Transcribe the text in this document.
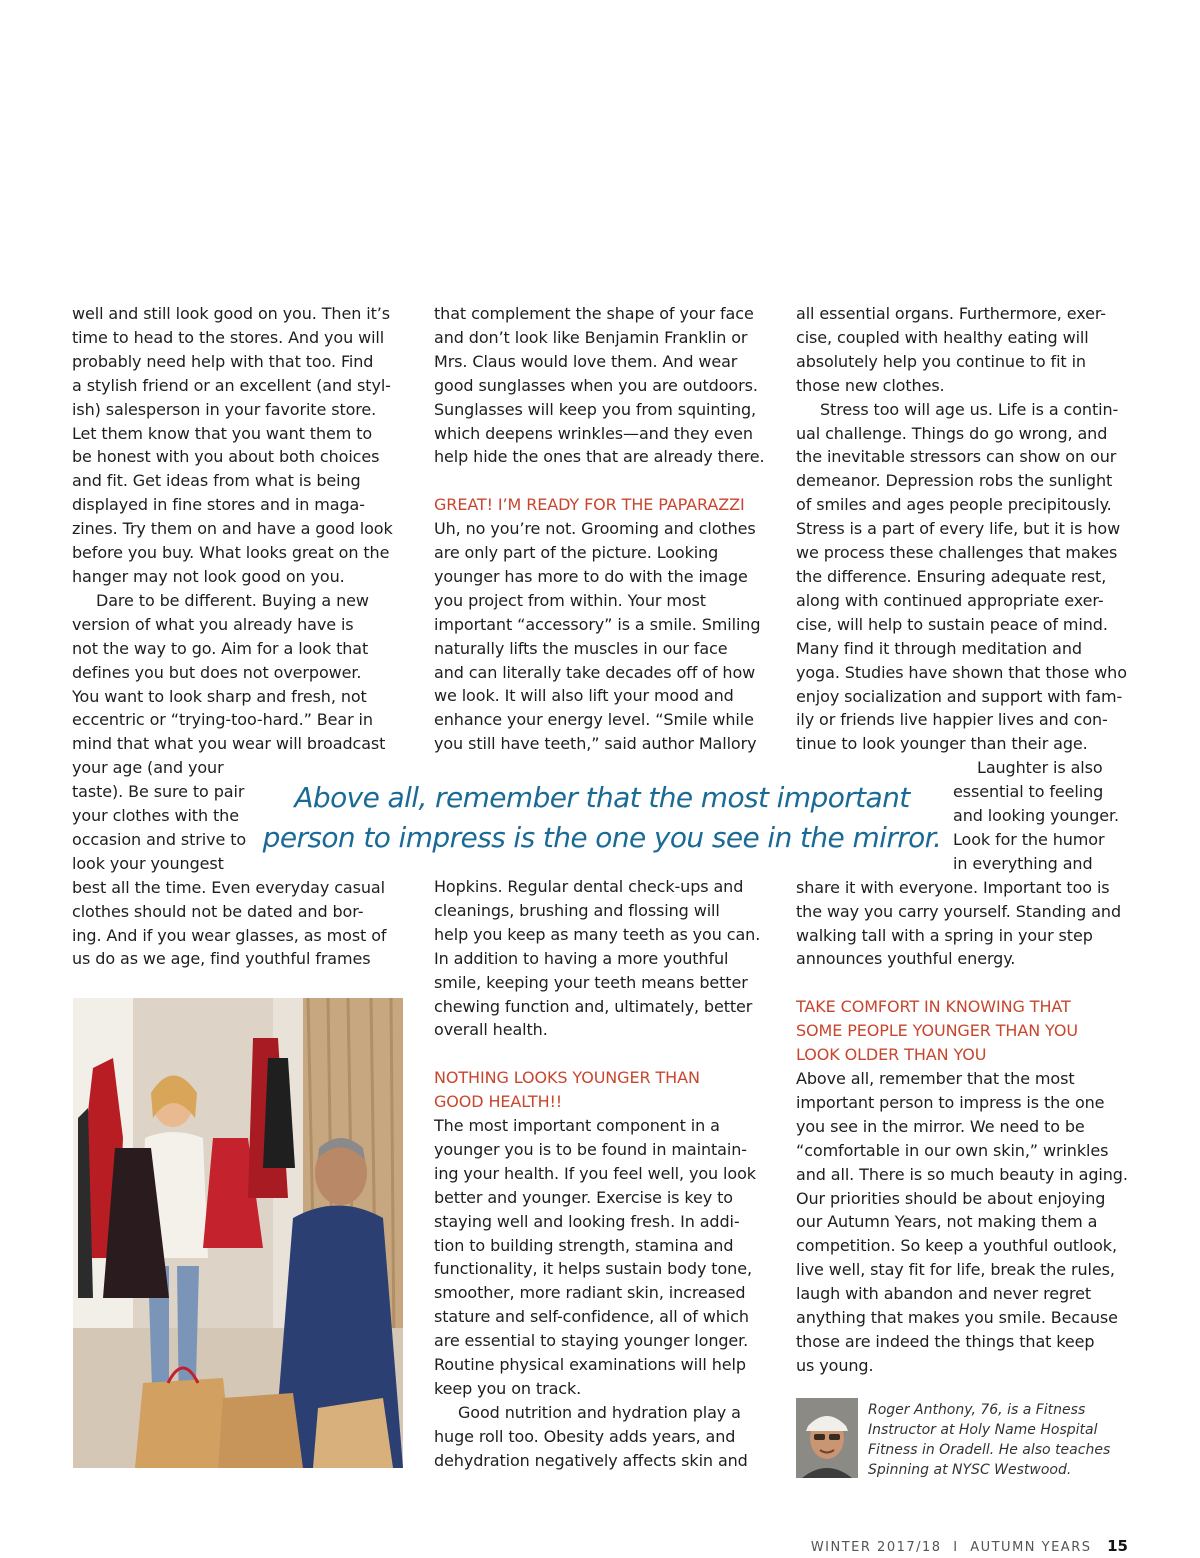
well and still look good on you. Then it’s
time to head to the stores. And you will
probably need help with that too. Find
a stylish friend or an excellent (and styl-
ish) salesperson in your favorite store.
Let them know that you want them to
be honest with you about both choices
and fit. Get ideas from what is being
displayed in fine stores and in maga-
zines. Try them on and have a good look
before you buy. What looks great on the
hanger may not look good on you.
Dare to be different. Buying a new
version of what you already have is
not the way to go. Aim for a look that
defines you but does not overpower.
You want to look sharp and fresh, not
eccentric or “trying-too-hard.” Bear in
mind that what you wear will broadcast
your age (and your
taste). Be sure to pair
your clothes with the
occasion and strive to
look your youngest
best all the time. Even everyday casual
clothes should not be dated and bor-
ing. And if you wear glasses, as most of
us do as we age, find youthful frames
that complement the shape of your face
and don’t look like Benjamin Franklin or
Mrs. Claus would love them. And wear
good sunglasses when you are outdoors.
Sunglasses will keep you from squinting,
which deepens wrinkles—and they even
help hide the ones that are already there.
GREAT! I’M READY FOR THE PAPARAZZI
Uh, no you’re not. Grooming and clothes
are only part of the picture. Looking
younger has more to do with the image
you project from within. Your most
important “accessory” is a smile. Smiling
naturally lifts the muscles in our face
and can literally take decades off of how
we look. It will also lift your mood and
enhance your energy level. “Smile while
you still have teeth,” said author Mallory
Hopkins. Regular dental check-ups and
cleanings, brushing and flossing will
help you keep as many teeth as you can.
In addition to having a more youthful
smile, keeping your teeth means better
chewing function and, ultimately, better
overall health.
NOTHING LOOKS YOUNGER THAN
GOOD HEALTH!!
The most important component in a
younger you is to be found in maintain-
ing your health. If you feel well, you look
better and younger. Exercise is key to
staying well and looking fresh. In addi-
tion to building strength, stamina and
functionality, it helps sustain body tone,
smoother, more radiant skin, increased
stature and self-confidence, all of which
are essential to staying younger longer.
Routine physical examinations will help
keep you on track.
Good nutrition and hydration play a
huge roll too. Obesity adds years, and
dehydration negatively affects skin and
Above all, remember that the most important
person to impress is the one you see in the mirror.
all essential organs. Furthermore, exer-
cise, coupled with healthy eating will
absolutely help you continue to fit in
those new clothes.
Stress too will age us. Life is a contin-
ual challenge. Things do go wrong, and
the inevitable stressors can show on our
demeanor. Depression robs the sunlight
of smiles and ages people precipitously.
Stress is a part of every life, but it is how
we process these challenges that makes
the difference. Ensuring adequate rest,
along with continued appropriate exer-
cise, will help to sustain peace of mind.
Many find it through meditation and
yoga. Studies have shown that those who
enjoy socialization and support with fam-
ily or friends live happier lives and con-
tinue to look younger than their age.
Laughter is also
essential to feeling
and looking younger.
Look for the humor
in everything and
share it with everyone. Important too is
the way you carry yourself. Standing and
walking tall with a spring in your step
announces youthful energy.
TAKE COMFORT IN KNOWING THAT
SOME PEOPLE YOUNGER THAN YOU
LOOK OLDER THAN YOU
Above all, remember that the most
important person to impress is the one
you see in the mirror. We need to be
“comfortable in our own skin,” wrinkles
and all. There is so much beauty in aging.
Our priorities should be about enjoying
our Autumn Years, not making them a
competition. So keep a youthful outlook,
live well, stay fit for life, break the rules,
laugh with abandon and never regret
anything that makes you smile. Because
those are indeed the things that keep
us young.
Roger Anthony, 76, is a Fitness
Instructor at Holy Name Hospital
Fitness in Oradell. He also teaches
Spinning at NYSC Westwood.
WINTER 2017/18 I AUTUMN YEARS 15
